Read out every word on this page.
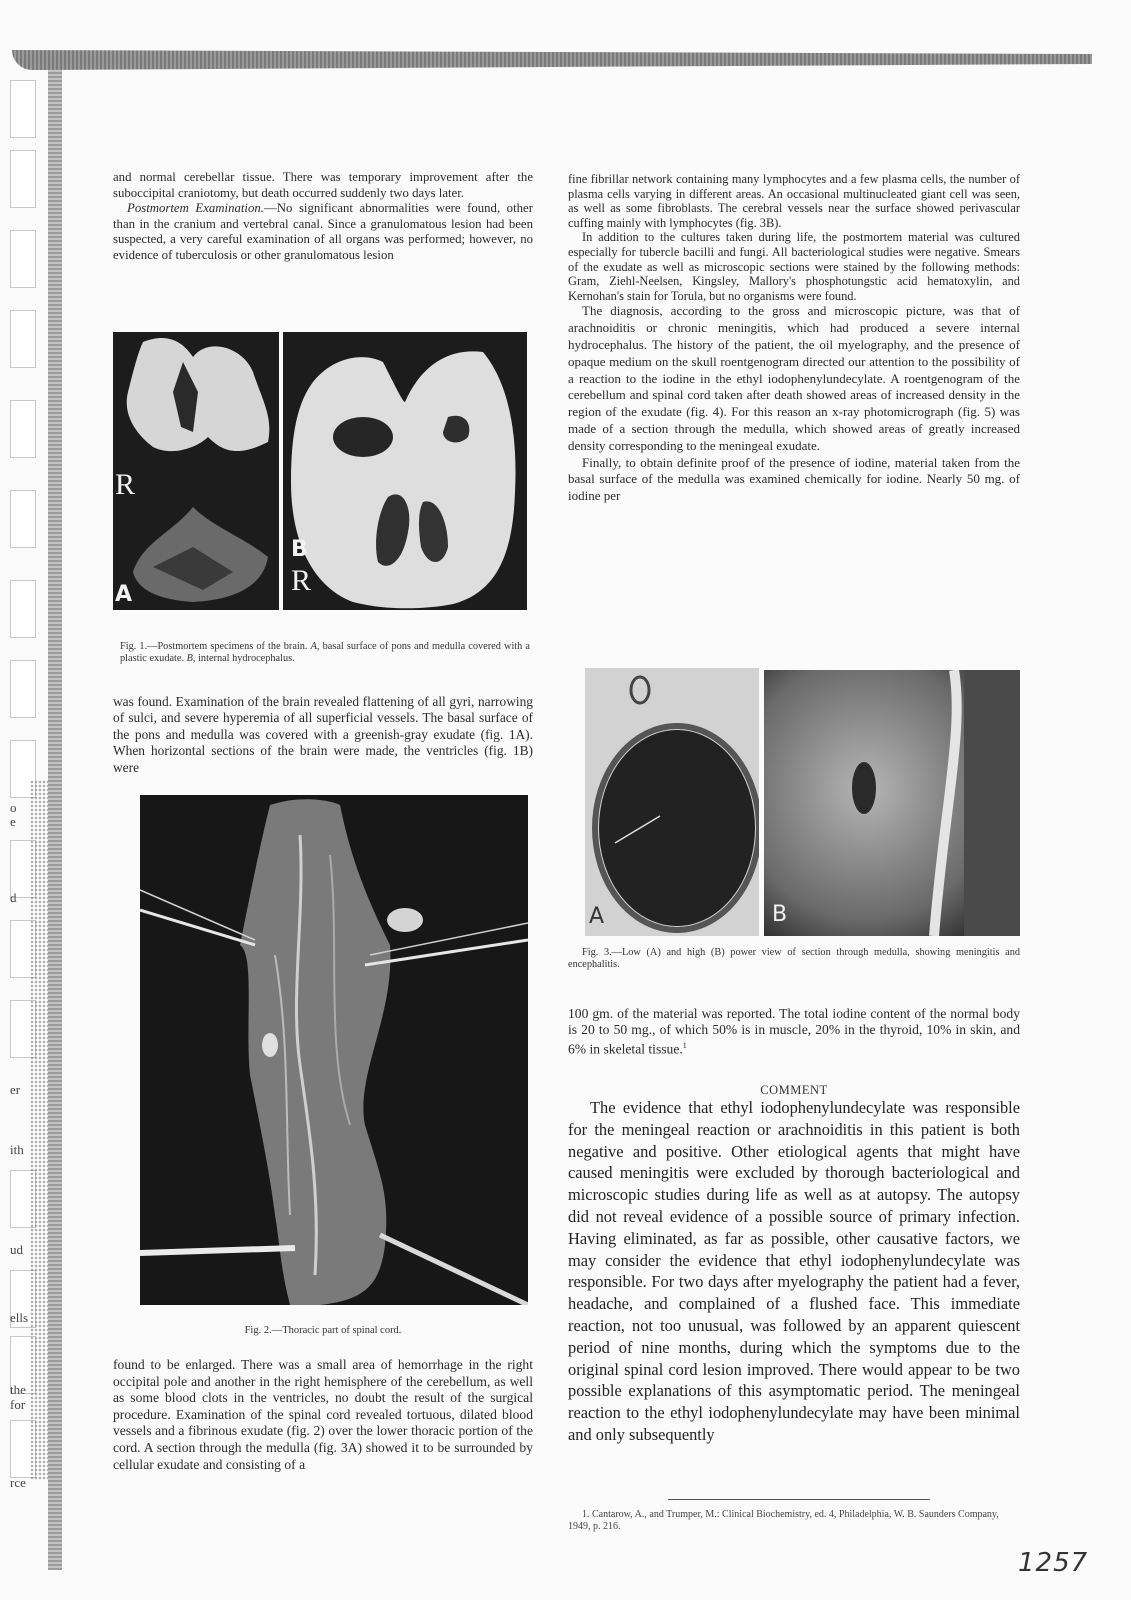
o
e
d
er
ith
ud
ells
the
for
rce

and normal cerebellar tissue. There was temporary improvement after the suboccipital craniotomy, but death occurred suddenly two days later.

Postmortem Examination.—No significant abnormalities were found, other than in the cranium and vertebral canal. Since a granulomatous lesion had been suspected, a very careful examination of all organs was performed; however, no evidence of tuberculosis or other granulomatous lesion

R
A
B
R
Fig. 1.—Postmortem specimens of the brain. A, basal surface of pons and medulla covered with a plastic exudate. B, internal hydrocephalus.

was found. Examination of the brain revealed flattening of all gyri, narrowing of sulci, and severe hyperemia of all superficial vessels. The basal surface of the pons and medulla was covered with a greenish-gray exudate (fig. 1A). When horizontal sections of the brain were made, the ventricles (fig. 1B) were

Fig. 2.—Thoracic part of spinal cord.

found to be enlarged. There was a small area of hemorrhage in the right occipital pole and another in the right hemisphere of the cerebellum, as well as some blood clots in the ventricles, no doubt the result of the surgical procedure. Examination of the spinal cord revealed tortuous, dilated blood vessels and a fibrinous exudate (fig. 2) over the lower thoracic portion of the cord. A section through the medulla (fig. 3A) showed it to be surrounded by cellular exudate and consisting of a

fine fibrillar network containing many lymphocytes and a few plasma cells, the number of plasma cells varying in different areas. An occasional multinucleated giant cell was seen, as well as some fibroblasts. The cerebral vessels near the surface showed perivascular cuffing mainly with lymphocytes (fig. 3B).

In addition to the cultures taken during life, the postmortem material was cultured especially for tubercle bacilli and fungi. All bacteriological studies were negative. Smears of the exudate as well as microscopic sections were stained by the following methods: Gram, Ziehl-Neelsen, Kingsley, Mallory's phosphotungstic acid hematoxylin, and Kernohan's stain for Torula, but no organisms were found.

The diagnosis, according to the gross and microscopic picture, was that of arachnoiditis or chronic meningitis, which had produced a severe internal hydrocephalus. The history of the patient, the oil myelography, and the presence of opaque medium on the skull roentgenogram directed our attention to the possibility of a reaction to the iodine in the ethyl iodophenylundecylate. A roentgenogram of the cerebellum and spinal cord taken after death showed areas of increased density in the region of the exudate (fig. 4). For this reason an x-ray photomicrograph (fig. 5) was made of a section through the medulla, which showed areas of greatly increased density corresponding to the meningeal exudate.

Finally, to obtain definite proof of the presence of iodine, material taken from the basal surface of the medulla was examined chemically for iodine. Nearly 50 mg. of iodine per

A	B
Fig. 3.—Low (A) and high (B) power view of section through medulla, showing meningitis and encephalitis.

100 gm. of the material was reported. The total iodine content of the normal body is 20 to 50 mg., of which 50% is in muscle, 20% in the thyroid, 10% in skin, and 6% in skeletal tissue.$^1$

COMMENT

The evidence that ethyl iodophenylundecylate was responsible for the meningeal reaction or arachnoiditis in this patient is both negative and positive. Other etiological agents that might have caused meningitis were excluded by thorough bacteriological and microscopic studies during life as well as at autopsy. The autopsy did not reveal evidence of a possible source of primary infection. Having eliminated, as far as possible, other causative factors, we may consider the evidence that ethyl iodophenylundecylate was responsible. For two days after myelography the patient had a fever, headache, and complained of a flushed face. This immediate reaction, not too unusual, was followed by an apparent quiescent period of nine months, during which the symptoms due to the original spinal cord lesion improved. There would appear to be two possible explanations of this asymptomatic period. The meningeal reaction to the ethyl iodophenylundecylate may have been minimal and only subsequently

1. Cantarow, A., and Trumper, M.: Clinical Biochemistry, ed. 4, Philadelphia, W. B. Saunders Company, 1949, p. 216.
1257
